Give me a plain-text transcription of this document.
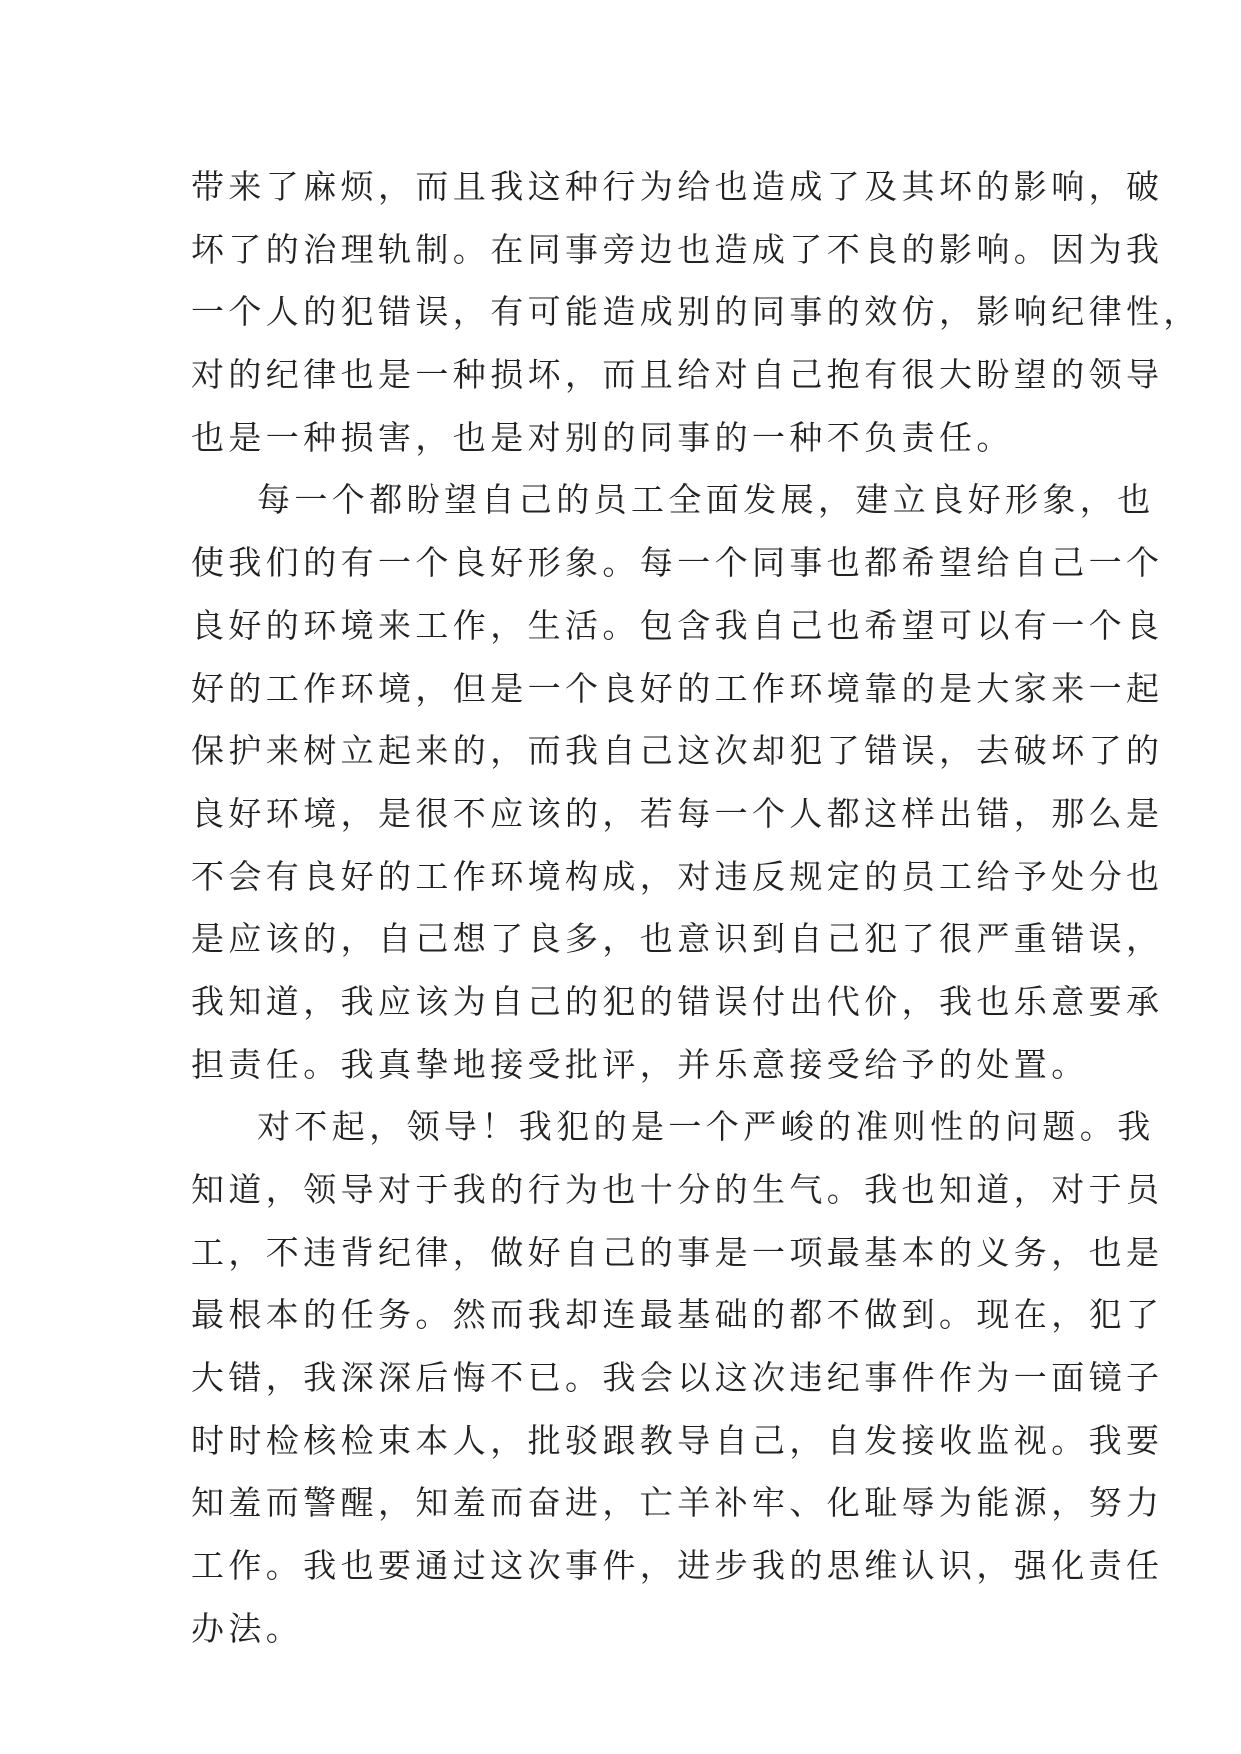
带来了麻烦，而且我这种行为给也造成了及其坏的影响，破
坏了的治理轨制。在同事旁边也造成了不良的影响。因为我
一个人的犯错误，有可能造成别的同事的效仿，影响纪律性，
对的纪律也是一种损坏，而且给对自己抱有很大盼望的领导
也是一种损害，也是对别的同事的一种不负责任。
每一个都盼望自己的员工全面发展，建立良好形象，也
使我们的有一个良好形象。每一个同事也都希望给自己一个
良好的环境来工作，生活。包含我自己也希望可以有一个良
好的工作环境，但是一个良好的工作环境靠的是大家来一起
保护来树立起来的，而我自己这次却犯了错误，去破坏了的
良好环境，是很不应该的，若每一个人都这样出错，那么是
不会有良好的工作环境构成，对违反规定的员工给予处分也
是应该的，自己想了良多，也意识到自己犯了很严重错误，
我知道，我应该为自己的犯的错误付出代价，我也乐意要承
担责任。我真挚地接受批评，并乐意接受给予的处置。
对不起，领导！我犯的是一个严峻的准则性的问题。我
知道，领导对于我的行为也十分的生气。我也知道，对于员
工，不违背纪律，做好自己的事是一项最基本的义务，也是
最根本的任务。然而我却连最基础的都不做到。现在，犯了
大错，我深深后悔不已。我会以这次违纪事件作为一面镜子
时时检核检束本人，批驳跟教导自己，自发接收监视。我要
知羞而警醒，知羞而奋进，亡羊补牢、化耻辱为能源，努力
工作。我也要通过这次事件，进步我的思维认识，强化责任
办法。
